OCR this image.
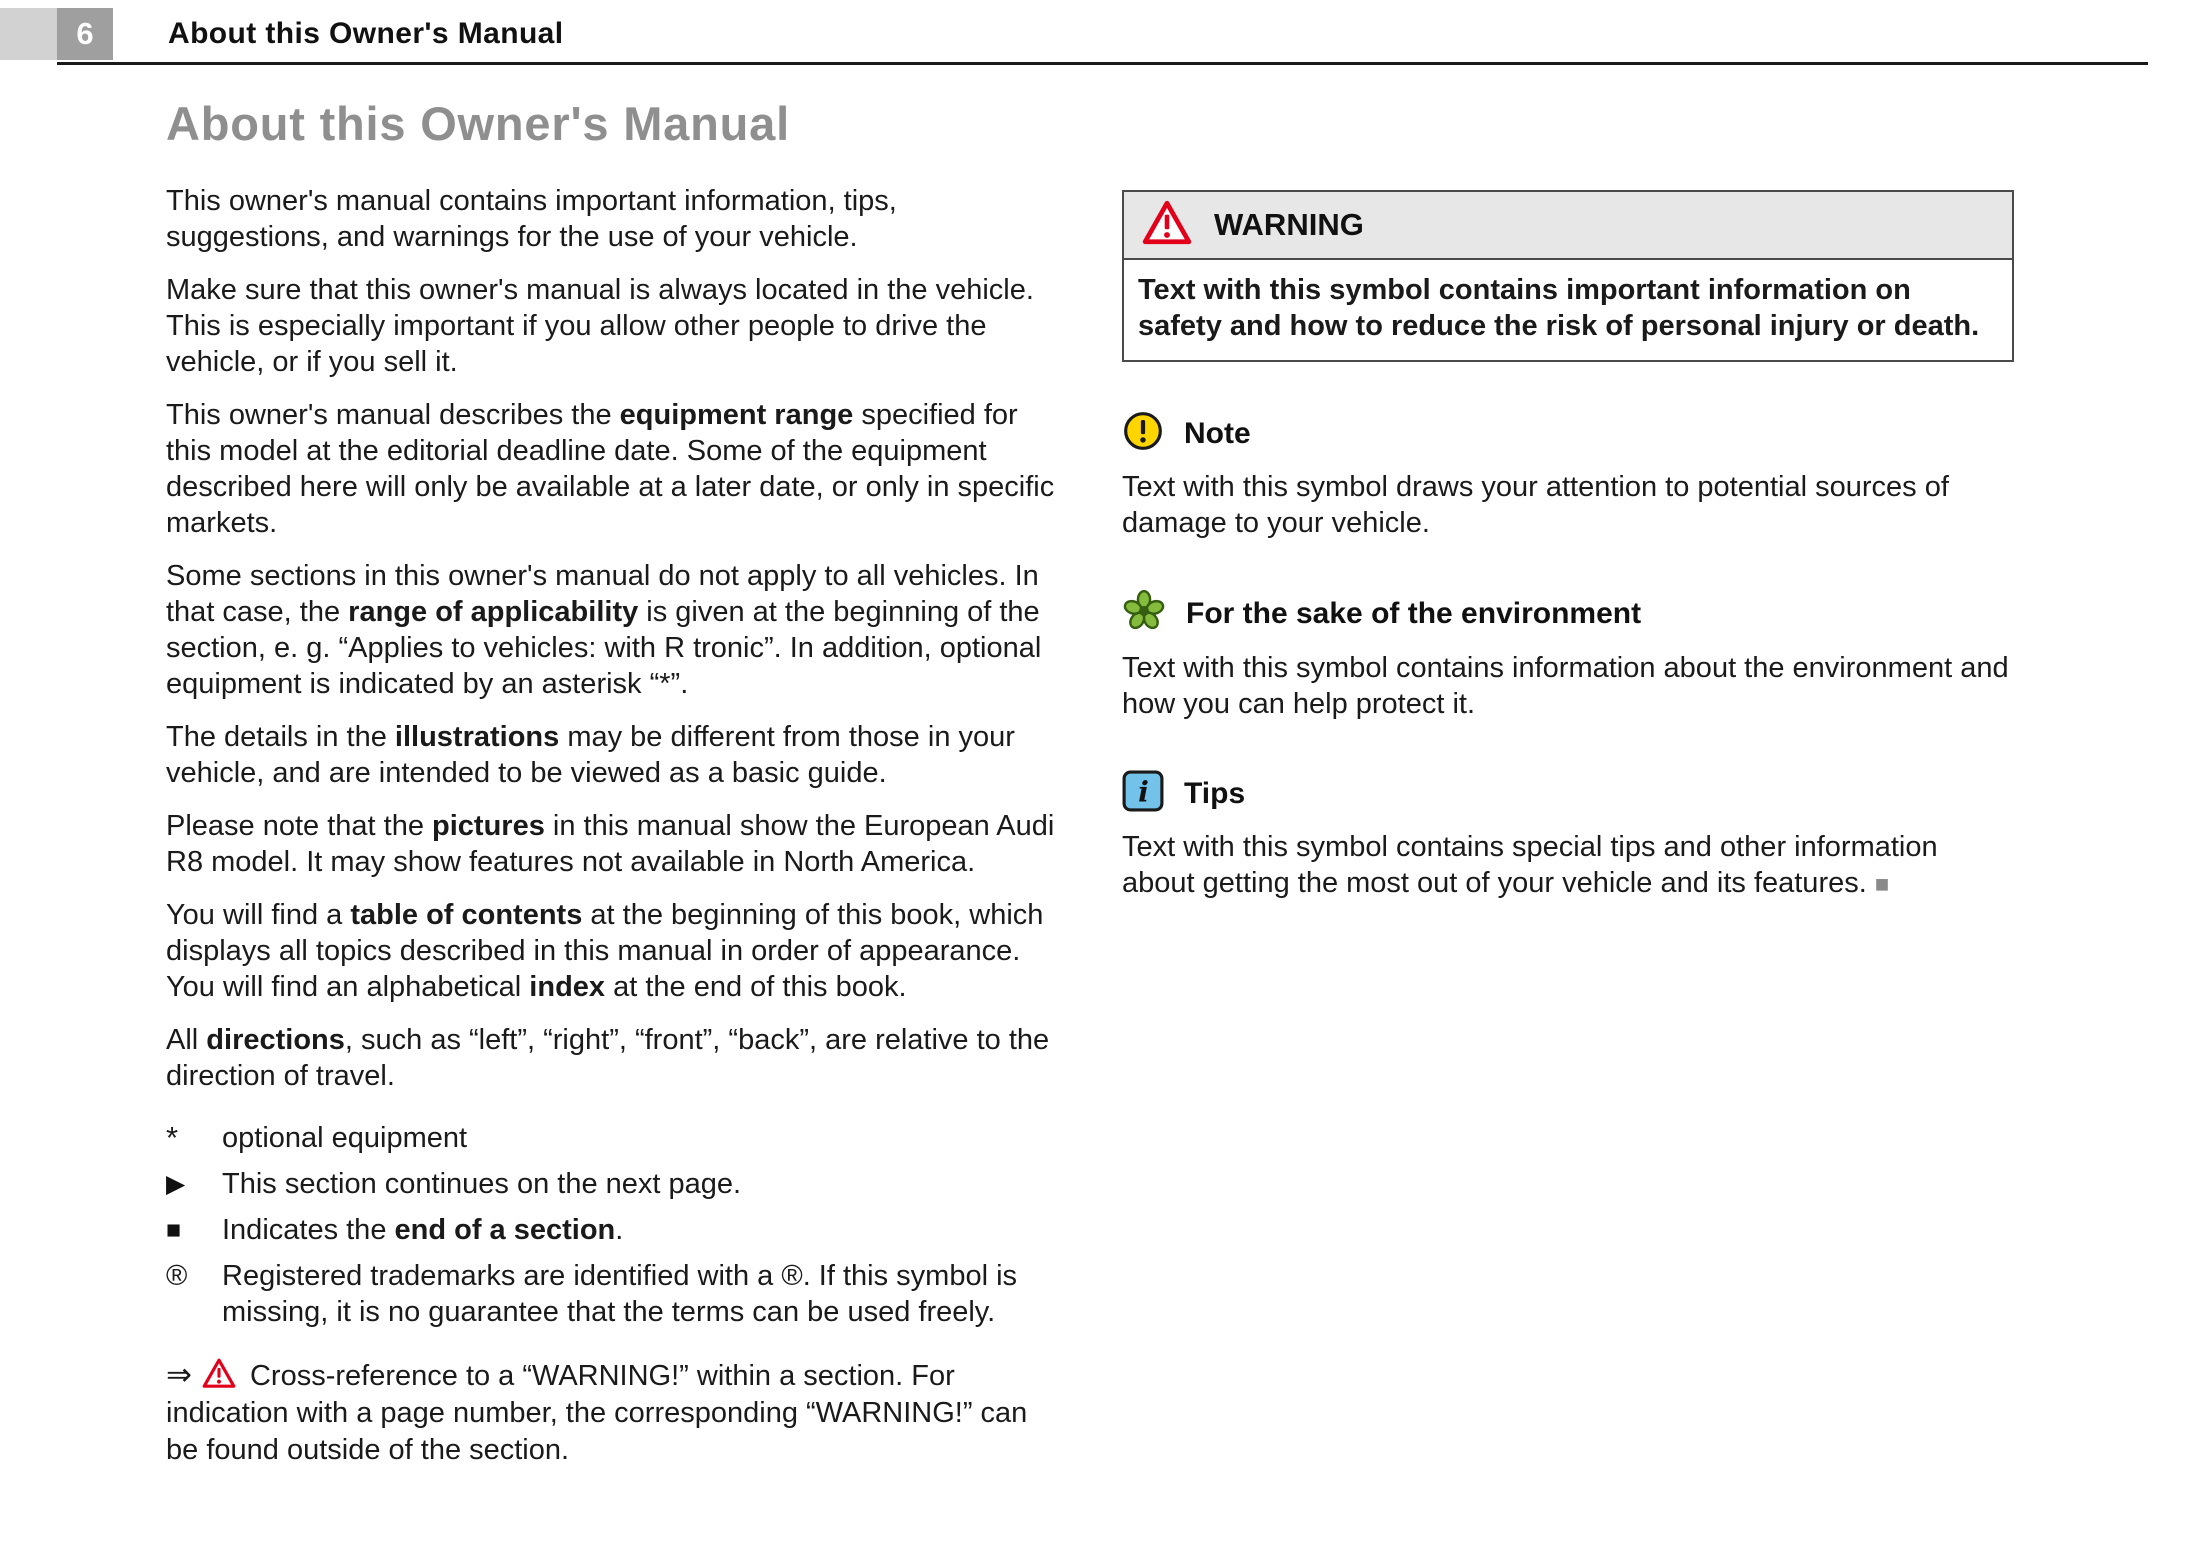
6	About this Owner's Manual
About this Owner's Manual

This owner's manual contains important information, tips, suggestions, and warnings for the use of your vehicle.

Make sure that this owner's manual is always located in the vehicle. This is especially important if you allow other people to drive the vehicle, or if you sell it.

This owner's manual describes the equipment range specified for this model at the editorial deadline date. Some of the equipment described here will only be available at a later date, or only in specific markets.

Some sections in this owner's manual do not apply to all vehicles. In that case, the range of applicability is given at the beginning of the section, e. g. “Applies to vehicles: with R tronic”. In addition, optional equipment is indicated by an asterisk “*”.

The details in the illustrations may be different from those in your vehicle, and are intended to be viewed as a basic guide.

Please note that the pictures in this manual show the European Audi R8 model. It may show features not available in North America.

You will find a table of contents at the beginning of this book, which displays all topics described in this manual in order of appearance. You will find an alphabetical index at the end of this book.

All directions, such as “left”, “right”, “front”, “back”, are relative to the direction of travel.

*	optional equipment
▶	This section continues on the next page.
■	Indicates the end of a section.
®	Registered trademarks are identified with a ®. If this symbol is missing, it is no guarantee that the terms can be used freely.

⇒ Cross-reference to a “WARNING!” within a section. For indication with a page number, the corresponding “WARNING!” can be found outside of the section.

WARNING
Text with this symbol contains important information on safety and how to reduce the risk of personal injury or death.
Note

Text with this symbol draws your attention to potential sources of damage to your vehicle.

For the sake of the environment

Text with this symbol contains information about the environment and how you can help protect it.

i Tips

Text with this symbol contains special tips and other information about getting the most out of your vehicle and its features. ■
